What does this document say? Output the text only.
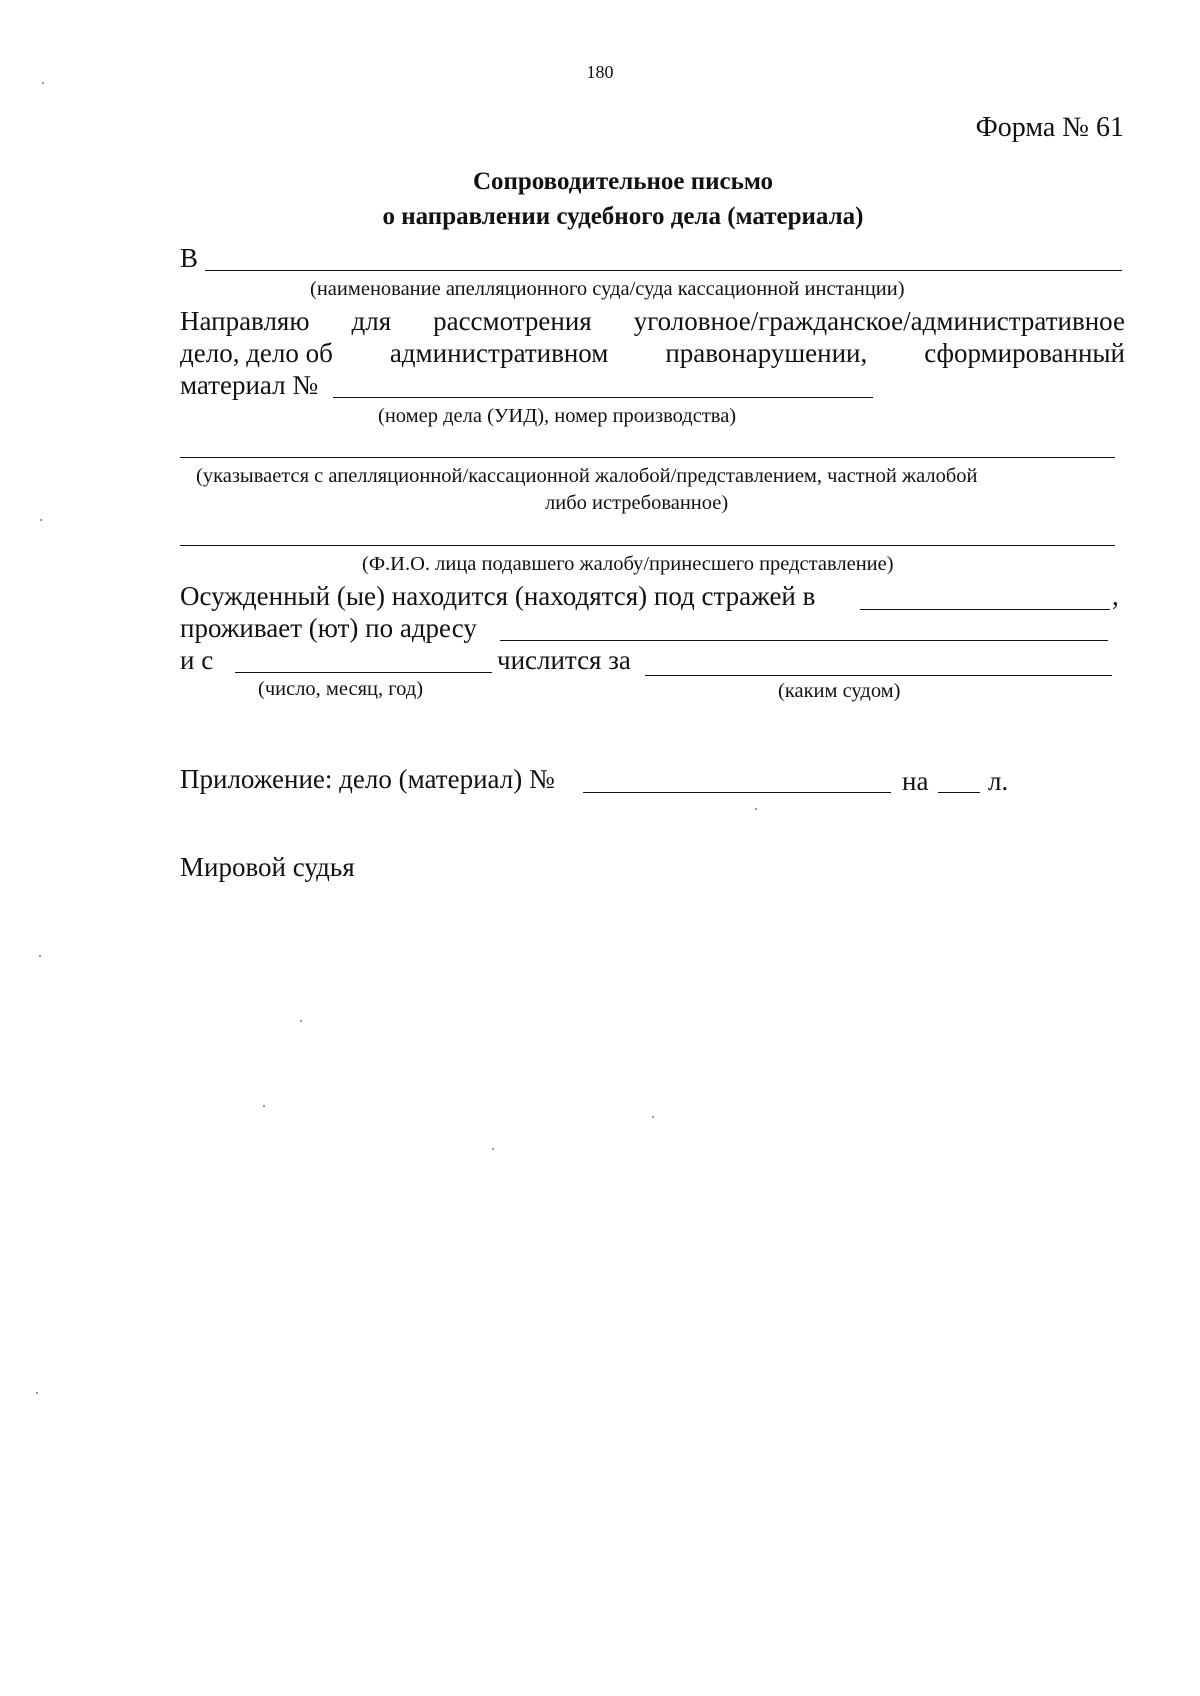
180
Форма № 61
Сопроводительное письмо
о направлении судебного дела (материала)
В
(наименование апелляционного суда/суда кассационной инстанции)
Направляю для рассмотрения уголовное/гражданское/административное
дело, дело об административном правонарушении, сформированный
материал №
(номер дела (УИД), номер производства)
(указывается с апелляционной/кассационной жалобой/представлением, частной жалобой
либо истребованное)
(Ф.И.О. лица подавшего жалобу/принесшего представление)
Осужденный (ые) находится (находятся) под стражей в	,
проживает (ют) по адресу
и с	числится за
(число, месяц, год)	(каким судом)
Приложение: дело (материал) №	на л.
Мировой судья
